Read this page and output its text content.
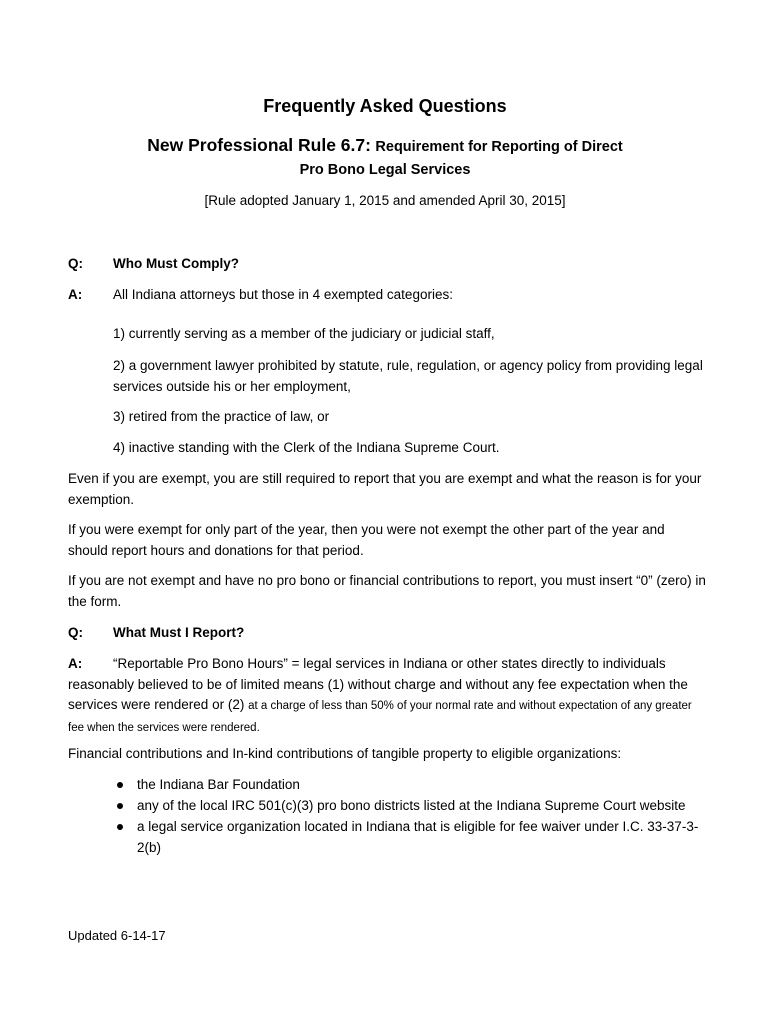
Frequently Asked Questions
New Professional Rule 6.7: Requirement for Reporting of Direct
Pro Bono Legal Services
[Rule adopted January 1, 2015 and amended April 30, 2015]
Q: Who Must Comply?
A: All Indiana attorneys but those in 4 exempted categories:
1) currently serving as a member of the judiciary or judicial staff,
2) a government lawyer prohibited by statute, rule, regulation, or agency policy from providing legal services outside his or her employment,
3) retired from the practice of law, or
4) inactive standing with the Clerk of the Indiana Supreme Court.
Even if you are exempt, you are still required to report that you are exempt and what the reason is for your exemption.
If you were exempt for only part of the year, then you were not exempt the other part of the year and should report hours and donations for that period.
If you are not exempt and have no pro bono or financial contributions to report, you must insert “0” (zero) in the form.
Q: What Must I Report?
A: “Reportable Pro Bono Hours” = legal services in Indiana or other states directly to individuals reasonably believed to be of limited means (1) without charge and without any fee expectation when the services were rendered or (2) at a charge of less than 50% of your normal rate and without expectation of any greater fee when the services were rendered.
Financial contributions and In-kind contributions of tangible property to eligible organizations:
the Indiana Bar Foundation
any of the local IRC 501(c)(3) pro bono districts listed at the Indiana Supreme Court website
a legal service organization located in Indiana that is eligible for fee waiver under I.C. 33-37-3-2(b)
Updated 6-14-17
